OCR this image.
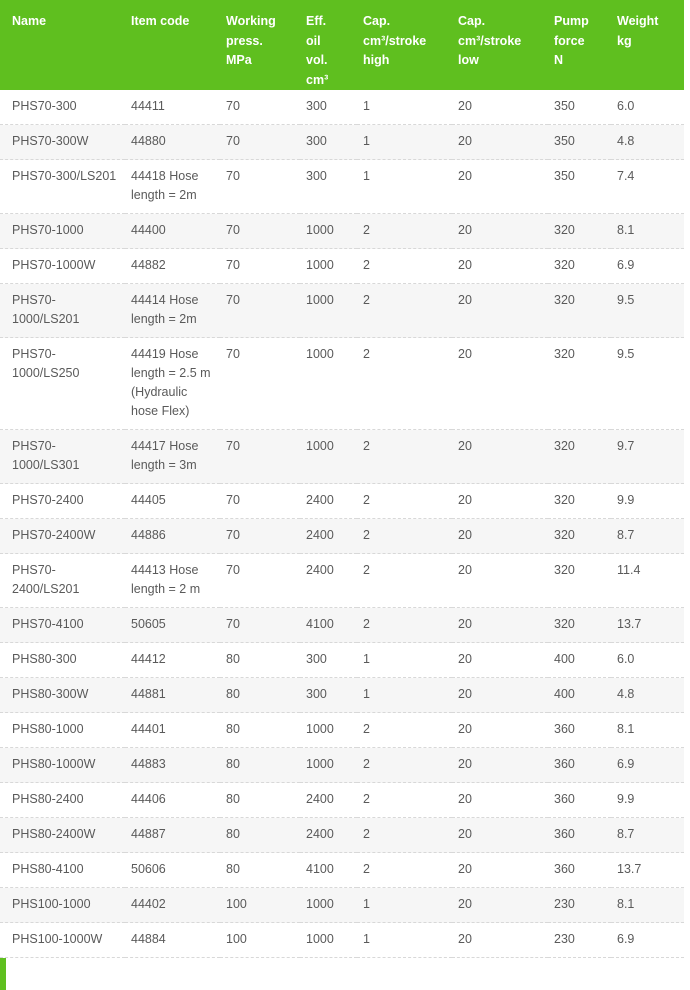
Name	Item code	Working
press.
MPa	Eff.
oil
vol.
cm³	Cap.
cm³/stroke
high	Cap.
cm³/stroke
low	Pump
force
N	Weight
kg
PHS70-300	44411	70	300	1	20	350	6.0
PHS70-300W	44880	70	300	1	20	350	4.8
PHS70-300/LS201	44418 Hose length = 2m	70	300	1	20	350	7.4
PHS70-1000	44400	70	1000	2	20	320	8.1
PHS70-1000W	44882	70	1000	2	20	320	6.9
PHS70-1000/LS201	44414 Hose length = 2m	70	1000	2	20	320	9.5
PHS70-1000/LS250	44419 Hose length = 2.5 m (Hydraulic hose Flex)	70	1000	2	20	320	9.5
PHS70-1000/LS301	44417 Hose length = 3m	70	1000	2	20	320	9.7
PHS70-2400	44405	70	2400	2	20	320	9.9
PHS70-2400W	44886	70	2400	2	20	320	8.7
PHS70-2400/LS201	44413 Hose length = 2 m	70	2400	2	20	320	11.4
PHS70-4100	50605	70	4100	2	20	320	13.7
PHS80-300	44412	80	300	1	20	400	6.0
PHS80-300W	44881	80	300	1	20	400	4.8
PHS80-1000	44401	80	1000	2	20	360	8.1
PHS80-1000W	44883	80	1000	2	20	360	6.9
PHS80-2400	44406	80	2400	2	20	360	9.9
PHS80-2400W	44887	80	2400	2	20	360	8.7
PHS80-4100	50606	80	4100	2	20	360	13.7
PHS100-1000	44402	100	1000	1	20	230	8.1
PHS100-1000W	44884	100	1000	1	20	230	6.9
